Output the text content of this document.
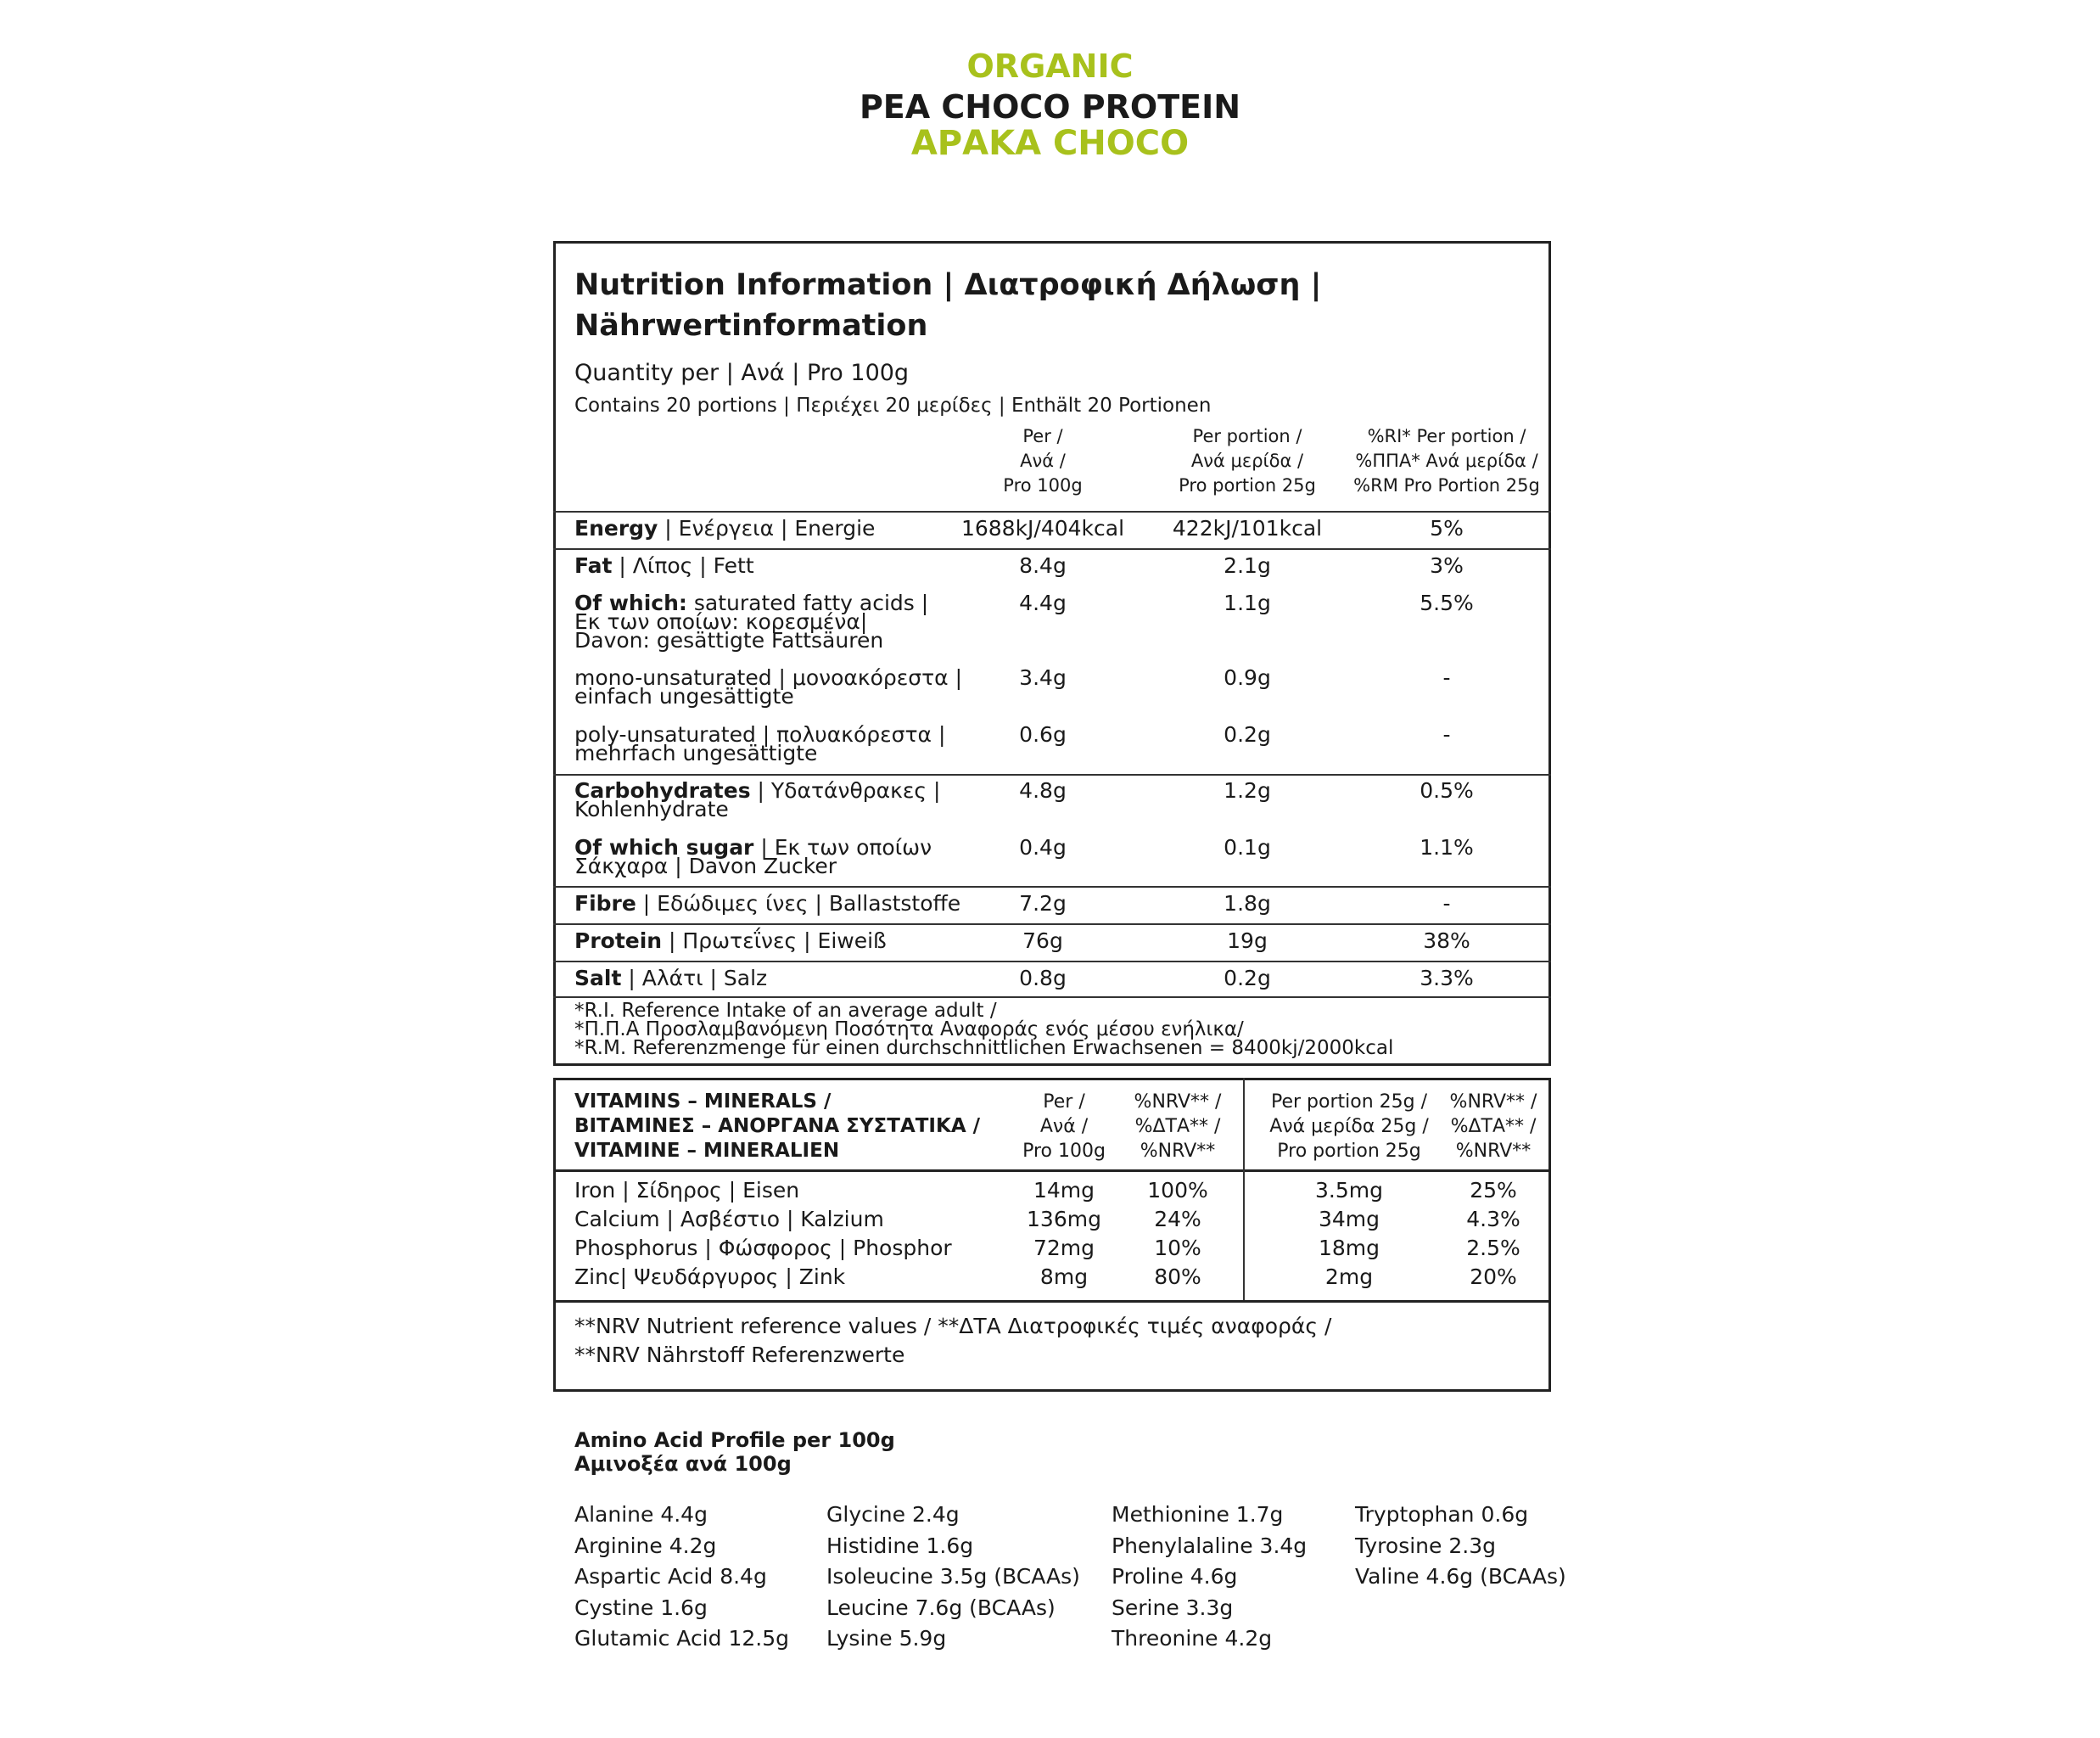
ORGANIC
PEA CHOCO PROTEIN
ΑΡΑΚΑ CHOCO
Nutrition Information | Διατροφική Δήλωση |
Nährwertinformation
Quantity per | Ανά | Pro 100g
Contains 20 portions | Περιέχει 20 μερίδες | Enthält 20 Portionen
Per /
Ανά /
Pro 100g
Per portion /
Ανά μερίδα /
Pro portion 25g
%RI* Per portion /
%ΠΠΑ* Ανά μερίδα /
%RM Pro Portion 25g
Energy | Ενέργεια | Energie	1688kJ/404kcal 422kJ/101kcal	5%
Fat | Λίπος | Fett	8.4g	2.1g	3%
Of which: saturated fatty acids |
Εκ των οποίων: κορεσμένα|
Davon: gesättigte Fattsäuren
4.4g	1.1g	5.5%
mono-unsaturated | μονοακόρεστα |
einfach ungesättigte
3.4g	0.9g	-
poly-unsaturated | πολυακόρεστα |
mehrfach ungesättigte
0.6g	0.2g	-
Carbohydrates | Υδατάνθρακες |
Kohlenhydrate
4.8g	1.2g	0.5%
Of which sugar | Εκ των οποίων
Σάκχαρα | Davon Zucker
0.4g	0.1g	1.1%
Fibre | Εδώδιμες ίνες | Ballaststoffe	7.2g	1.8g	-
Protein | Πρωτεΐνες | Eiweiß	76g	19g	38%
Salt | Αλάτι | Salz	0.8g	0.2g	3.3%
*R.I. Reference Intake of an average adult /
*Π.Π.Α Προσλαμβανόμενη Ποσότητα Αναφοράς ενός μέσου ενήλικα/
*R.M. Referenzmenge für einen durchschnittlichen Erwachsenen = 8400kj/2000kcal
VITAMINS – MINERALS /
ΒΙΤΑΜΙΝΕΣ – ΑΝΟΡΓΑΝΑ ΣΥΣΤΑΤΙΚΑ /
VITAMINE – MINERALIEN
Per /
Ανά /
Pro 100g
%NRV** /
%ΔΤΑ** /
%NRV**
Per portion 25g /
Ανά μερίδα 25g /
Pro portion 25g
%NRV** /
%ΔΤΑ** /
%NRV**
Iron | Σίδηρος | Eisen	14mg 100%	3.5mg	25%
Calcium | Ασβέστιο | Kalzium	136mg 24%	34mg	4.3%
Phosphorus | Φώσφορος | Phosphor	72mg	10%	18mg	2.5%
Zinc| Ψευδάργυρος | Zink	8mg	80%	2mg	20%
**NRV Nutrient reference values / **ΔΤΑ Διατροφικές τιμές αναφοράς /
**NRV Nährstoff Referenzwerte
Amino Acid Profile per 100g
Αμινοξέα ανά 100g
Alanine 4.4g
Arginine 4.2g
Aspartic Acid 8.4g
Cystine 1.6g
Glutamic Acid 12.5g
Glycine 2.4g
Histidine 1.6g
Isoleucine 3.5g (BCAAs)
Leucine 7.6g (BCAAs)
Lysine 5.9g
Methionine 1.7g
Phenylalaline 3.4g
Proline 4.6g
Serine 3.3g
Threonine 4.2g
Tryptophan 0.6g
Tyrosine 2.3g
Valine 4.6g (BCAAs)
